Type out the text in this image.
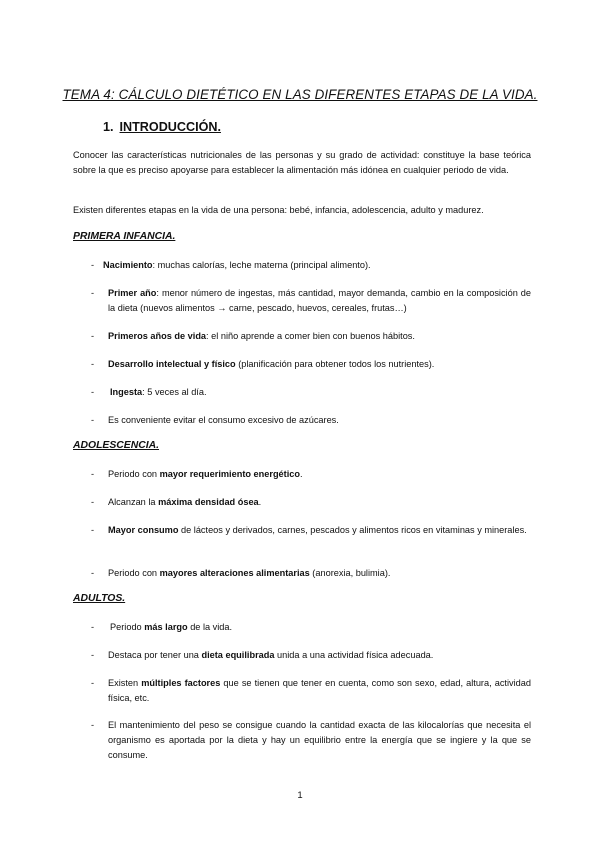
TEMA 4: CÁLCULO DIETÉTICO EN LAS DIFERENTES ETAPAS DE LA VIDA.
1. INTRODUCCIÓN.

Conocer las características nutricionales de las personas y su grado de actividad: constituye la base teórica sobre la que es preciso apoyarse para establecer la alimentación más idónea en cualquier periodo de vida.

Existen diferentes etapas en la vida de una persona: bebé, infancia, adolescencia, adulto y madurez.

PRIMERA INFANCIA.
- Nacimiento: muchas calorías, leche materna (principal alimento).
-	Primer año: menor número de ingestas, más cantidad, mayor demanda, cambio en la composición de la dieta (nuevos alimentos → carne, pescado, huevos, cereales, frutas…)
-	Primeros años de vida: el niño aprende a comer bien con buenos hábitos.
-	Desarrollo intelectual y físico (planificación para obtener todos los nutrientes).
-	Ingesta: 5 veces al día.
-	Es conveniente evitar el consumo excesivo de azúcares.
ADOLESCENCIA.
-	Periodo con mayor requerimiento energético.
-	Alcanzan la máxima densidad ósea.
-	Mayor consumo de lácteos y derivados, carnes, pescados y alimentos ricos en vitaminas y minerales.
-	Periodo con mayores alteraciones alimentarias (anorexia, bulimia).
ADULTOS.
-	Periodo más largo de la vida.
-	Destaca por tener una dieta equilibrada unida a una actividad física adecuada.
-	Existen múltiples factores que se tienen que tener en cuenta, como son sexo, edad, altura, actividad física, etc.
-	El mantenimiento del peso se consigue cuando la cantidad exacta de las kilocalorías que necesita el organismo es aportada por la dieta y hay un equilibrio entre la energía que se ingiere y la que se consume.
1
